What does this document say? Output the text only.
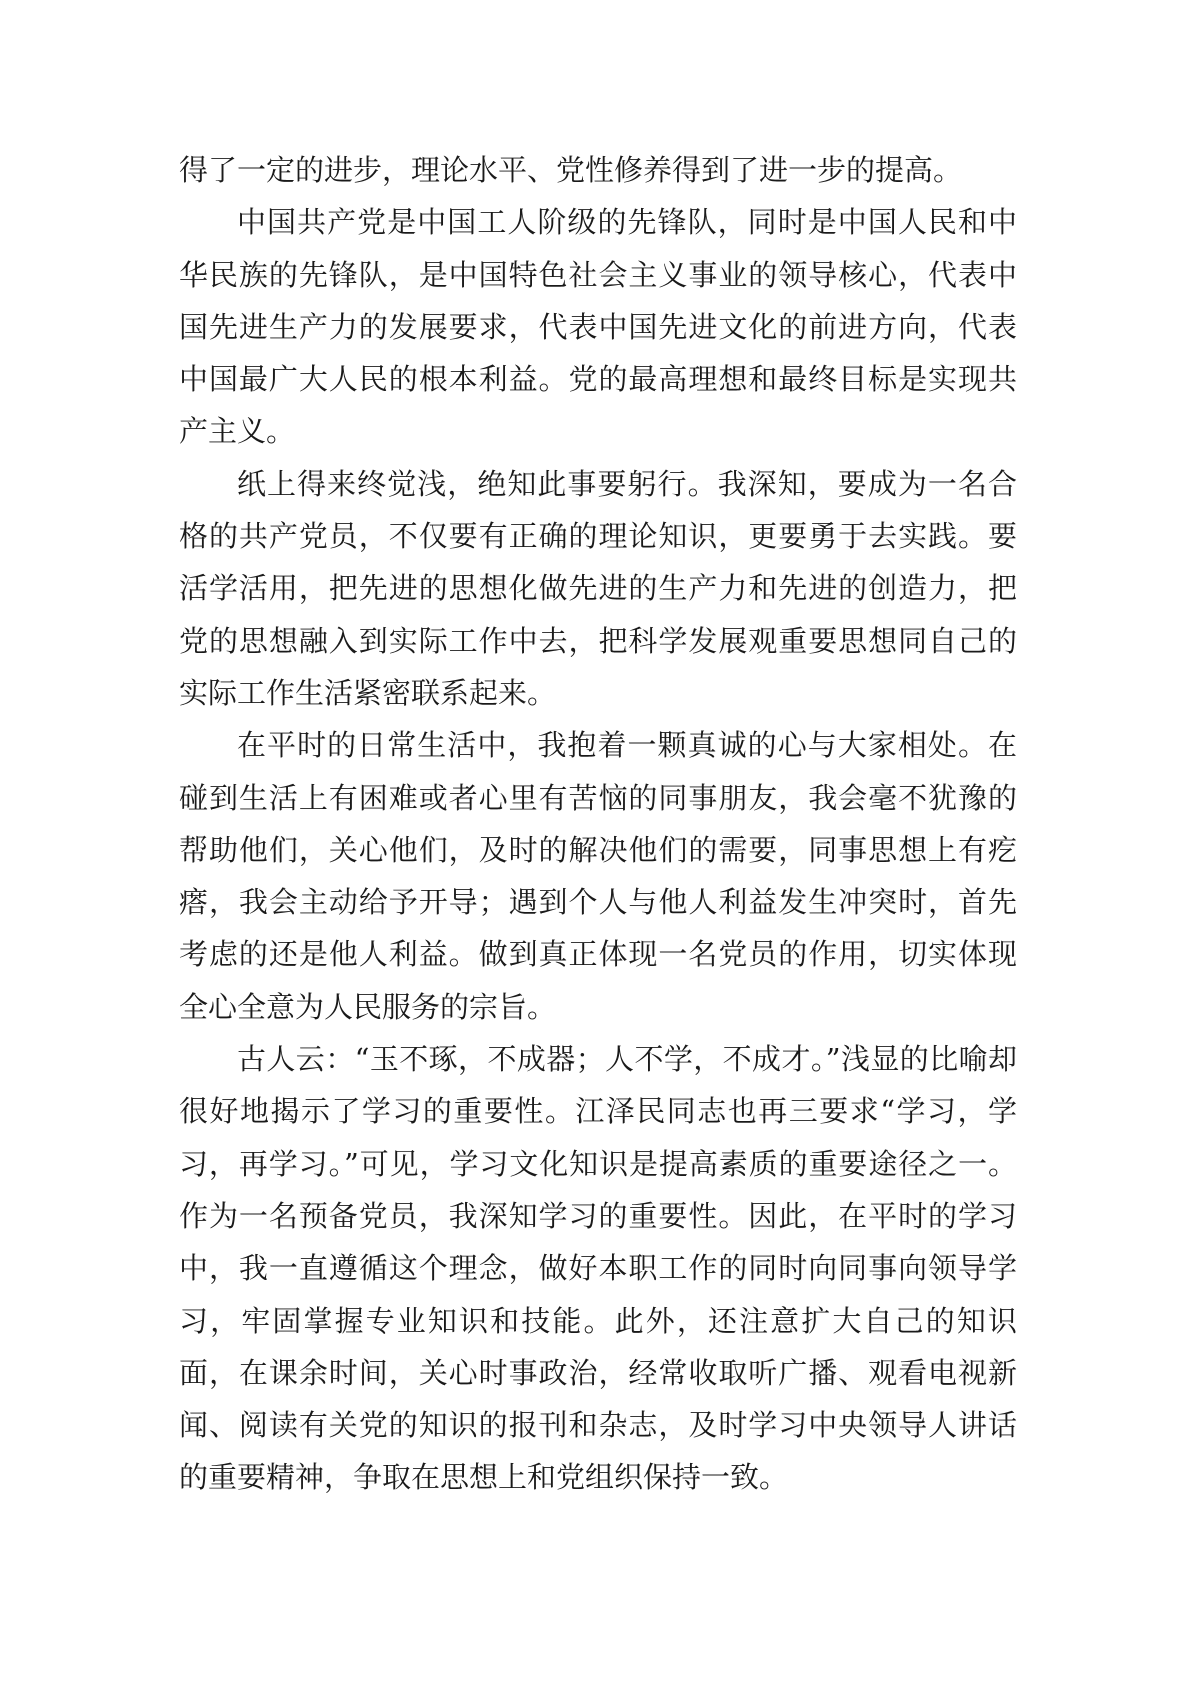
得了一定的进步，理论水平、党性修养得到了进一步的提高。

中国共产党是中国工人阶级的先锋队，同时是中国人民和中华民族的先锋队，是中国特色社会主义事业的领导核心，代表中国先进生产力的发展要求，代表中国先进文化的前进方向，代表中国最广大人民的根本利益。党的最高理想和最终目标是实现共产主义。

纸上得来终觉浅，绝知此事要躬行。我深知，要成为一名合格的共产党员，不仅要有正确的理论知识，更要勇于去实践。要活学活用，把先进的思想化做先进的生产力和先进的创造力，把党的思想融入到实际工作中去，把科学发展观重要思想同自己的实际工作生活紧密联系起来。

在平时的日常生活中，我抱着一颗真诚的心与大家相处。在碰到生活上有困难或者心里有苦恼的同事朋友，我会毫不犹豫的帮助他们，关心他们，及时的解决他们的需要，同事思想上有疙瘩，我会主动给予开导；遇到个人与他人利益发生冲突时，首先考虑的还是他人利益。做到真正体现一名党员的作用，切实体现全心全意为人民服务的宗旨。

古人云：“玉不琢，不成器；人不学，不成才。”浅显的比喻却很好地揭示了学习的重要性。江泽民同志也再三要求“学习，学习，再学习。”可见，学习文化知识是提高素质的重要途径之一。作为一名预备党员，我深知学习的重要性。因此，在平时的学习中，我一直遵循这个理念，做好本职工作的同时向同事向领导学习，牢固掌握专业知识和技能。此外，还注意扩大自己的知识面，在课余时间，关心时事政治，经常收取听广播、观看电视新闻、阅读有关党的知识的报刊和杂志，及时学习中央领导人讲话的重要精神，争取在思想上和党组织保持一致。
